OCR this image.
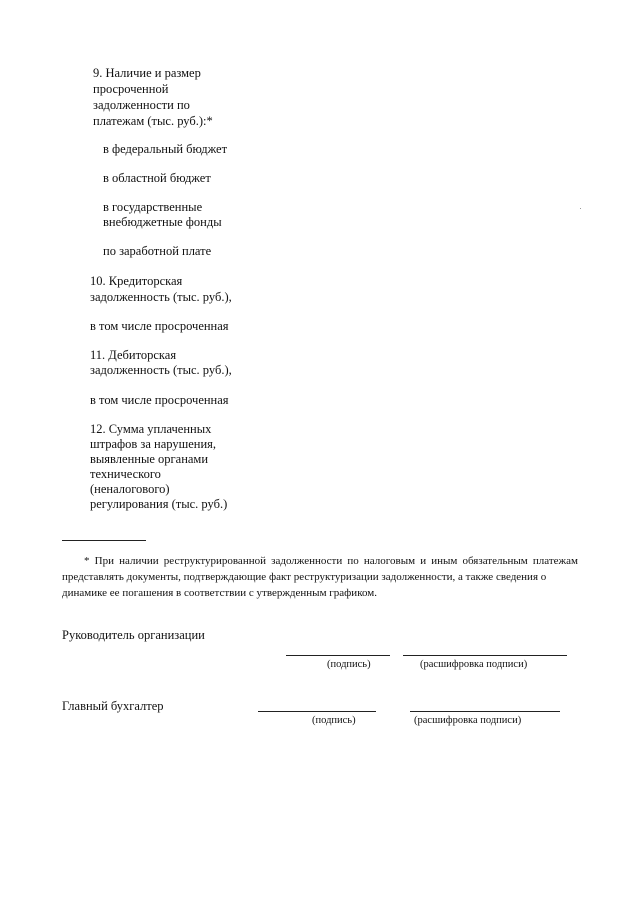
9. Наличие и размер

просроченной

задолженности по

платежам (тыс. руб.):*

в федеральный бюджет

в областной бюджет

в государственные

внебюджетные фонды

по заработной плате

10. Кредиторская

задолженность (тыс. руб.),

в том числе просроченная

11. Дебиторская

задолженность (тыс. руб.),

в том числе просроченная

12. Сумма уплаченных

штрафов за нарушения,

выявленные органами

технического

(неналогового)

регулирования (тыс. руб.)

* При наличии реструктурированной задолженности по налоговым и иным обязательным платежам представлять документы, подтверждающие факт реструктуризации задолженности, а также сведения о

динамике ее погашения в соответствии с утвержденным графиком.

Руководитель организации

(подпись)	(расшифровка подписи)

Главный бухгалтер

(подпись)	(расшифровка подписи)
